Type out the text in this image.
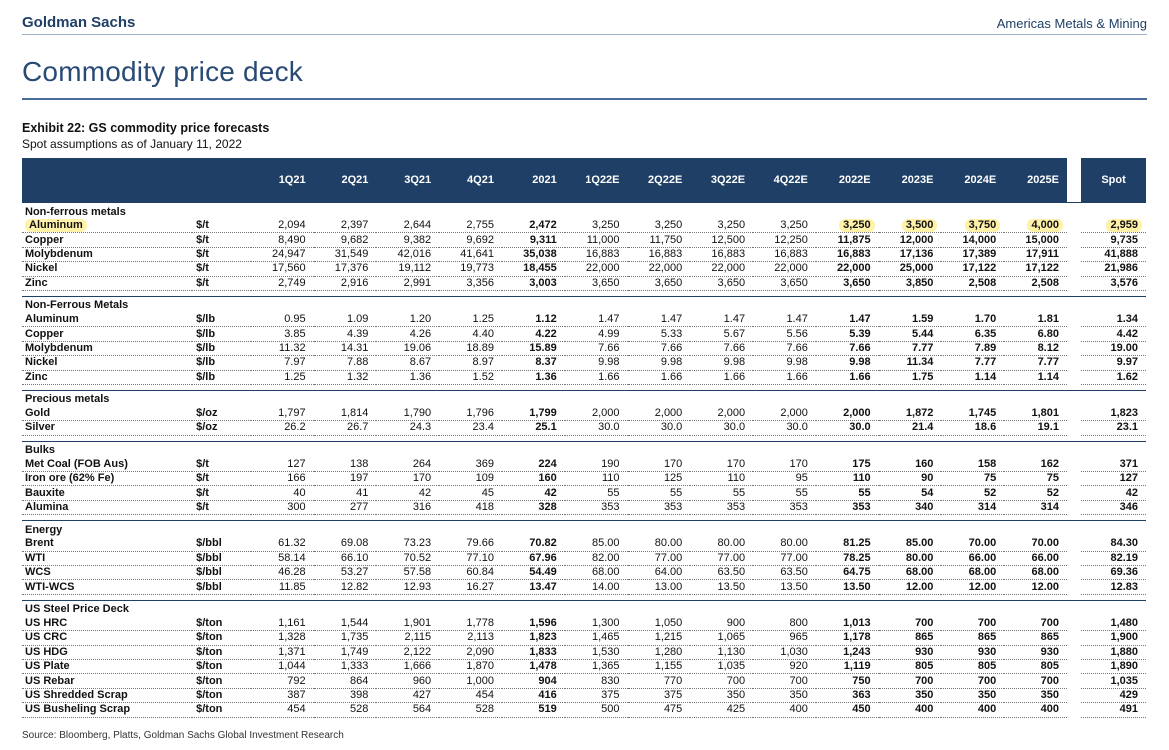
Goldman Sachs	Americas Metals & Mining
Commodity price deck
Exhibit 22: GS commodity price forecasts
Spot assumptions as of January 11, 2022
		1Q21	2Q21	3Q21	4Q21	2021	1Q22E	2Q22E	3Q22E	4Q22E	2022E	2023E	2024E	2025E		Spot
Non-ferrous metals																
Aluminum	$/t	2,094	2,397	2,644	2,755	2,472	3,250	3,250	3,250	3,250	3,250	3,500	3,750	4,000		2,959
Copper	$/t	8,490	9,682	9,382	9,692	9,311	11,000	11,750	12,500	12,250	11,875	12,000	14,000	15,000		9,735
Molybdenum	$/t	24,947	31,549	42,016	41,641	35,038	16,883	16,883	16,883	16,883	16,883	17,136	17,389	17,911		41,888
Nickel	$/t	17,560	17,376	19,112	19,773	18,455	22,000	22,000	22,000	22,000	22,000	25,000	17,122	17,122		21,986
Zinc	$/t	2,749	2,916	2,991	3,356	3,003	3,650	3,650	3,650	3,650	3,650	3,850	2,508	2,508		3,576

Non-Ferrous Metals																
Aluminum	$/lb	0.95	1.09	1.20	1.25	1.12	1.47	1.47	1.47	1.47	1.47	1.59	1.70	1.81		1.34
Copper	$/lb	3.85	4.39	4.26	4.40	4.22	4.99	5.33	5.67	5.56	5.39	5.44	6.35	6.80		4.42
Molybdenum	$/lb	11.32	14.31	19.06	18.89	15.89	7.66	7.66	7.66	7.66	7.66	7.77	7.89	8.12		19.00
Nickel	$/lb	7.97	7.88	8.67	8.97	8.37	9.98	9.98	9.98	9.98	9.98	11.34	7.77	7.77		9.97
Zinc	$/lb	1.25	1.32	1.36	1.52	1.36	1.66	1.66	1.66	1.66	1.66	1.75	1.14	1.14		1.62

Precious metals																
Gold	$/oz	1,797	1,814	1,790	1,796	1,799	2,000	2,000	2,000	2,000	2,000	1,872	1,745	1,801		1,823
Silver	$/oz	26.2	26.7	24.3	23.4	25.1	30.0	30.0	30.0	30.0	30.0	21.4	18.6	19.1		23.1

Bulks																
Met Coal (FOB Aus)	$/t	127	138	264	369	224	190	170	170	170	175	160	158	162		371
Iron ore (62% Fe)	$/t	166	197	170	109	160	110	125	110	95	110	90	75	75		127
Bauxite	$/t	40	41	42	45	42	55	55	55	55	55	54	52	52		42
Alumina	$/t	300	277	316	418	328	353	353	353	353	353	340	314	314		346

Energy																
Brent	$/bbl	61.32	69.08	73.23	79.66	70.82	85.00	80.00	80.00	80.00	81.25	85.00	70.00	70.00		84.30
WTI	$/bbl	58.14	66.10	70.52	77.10	67.96	82.00	77.00	77.00	77.00	78.25	80.00	66.00	66.00		82.19
WCS	$/bbl	46.28	53.27	57.58	60.84	54.49	68.00	64.00	63.50	63.50	64.75	68.00	68.00	68.00		69.36
WTI-WCS	$/bbl	11.85	12.82	12.93	16.27	13.47	14.00	13.00	13.50	13.50	13.50	12.00	12.00	12.00		12.83

US Steel Price Deck																
US HRC	$/ton	1,161	1,544	1,901	1,778	1,596	1,300	1,050	900	800	1,013	700	700	700		1,480
US CRC	$/ton	1,328	1,735	2,115	2,113	1,823	1,465	1,215	1,065	965	1,178	865	865	865		1,900
US HDG	$/ton	1,371	1,749	2,122	2,090	1,833	1,530	1,280	1,130	1,030	1,243	930	930	930		1,880
US Plate	$/ton	1,044	1,333	1,666	1,870	1,478	1,365	1,155	1,035	920	1,119	805	805	805		1,890
US Rebar	$/ton	792	864	960	1,000	904	830	770	700	700	750	700	700	700		1,035
US Shredded Scrap	$/ton	387	398	427	454	416	375	375	350	350	363	350	350	350		429
US Busheling Scrap	$/ton	454	528	564	528	519	500	475	425	400	450	400	400	400		491
Source: Bloomberg, Platts, Goldman Sachs Global Investment Research
